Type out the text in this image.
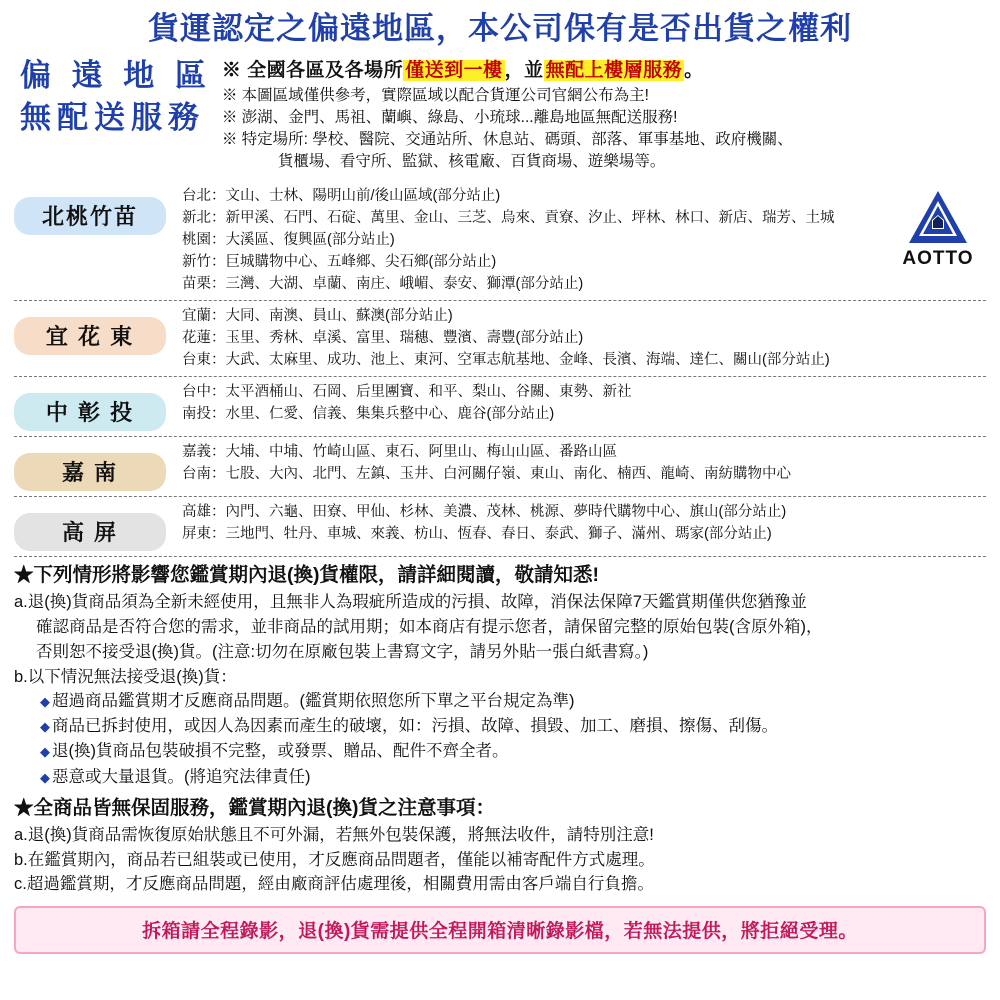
貨運認定之偏遠地區，本公司保有是否出貨之權利
偏 遠 地 區
無配送服務
※ 全國各區及各場所 僅送到一樓 ，並 無配上樓層服務 。
※ 本圖區域僅供參考，實際區域以配合貨運公司官網公布為主!
※ 澎湖、金門、馬祖、蘭嶼、綠島、小琉球...離島地區無配送服務!
※ 特定場所: 學校、醫院、交通站所、休息站、碼頭、部落、軍事基地、政府機關、
貨櫃場、看守所、監獄、核電廠、百貨商場、遊樂場等。
北桃竹苗
台北：文山、士林、陽明山前/後山區域(部分站止)
新北：新甲溪、石門、石碇、萬里、金山、三芝、烏來、貢寮、汐止、坪林、林口、新店、瑞芳、土城
桃園：大溪區、復興區(部分站止)
新竹：巨城購物中心、五峰鄉、尖石鄉(部分站止)
苗栗：三灣、大湖、卓蘭、南庄、峨嵋、泰安、獅潭(部分站止)
AOTTO
宜 花 東
宜蘭：大同、南澳、員山、蘇澳(部分站止)
花蓮：玉里、秀林、卓溪、富里、瑞穗、豐濱、壽豐(部分站止)
台東：大武、太麻里、成功、池上、東河、空軍志航基地、金峰、長濱、海端、達仁、關山(部分站止)
中 彰 投
台中：太平酒桶山、石岡、后里團寶、和平、梨山、谷關、東勢、新社
南投：水里、仁愛、信義、集集兵整中心、鹿谷(部分站止)
嘉 南
嘉義：大埔、中埔、竹崎山區、東石、阿里山、梅山山區、番路山區
台南：七股、大內、北門、左鎮、玉井、白河關仔嶺、東山、南化、楠西、龍崎、南紡購物中心
高 屏
高雄：內門、六龜、田寮、甲仙、杉林、美濃、茂林、桃源、夢時代購物中心、旗山(部分站止)
屏東：三地門、牡丹、車城、來義、枋山、恆春、春日、泰武、獅子、滿州、瑪家(部分站止)
★下列情形將影響您鑑賞期內退(換)貨權限，請詳細閱讀，敬請知悉!
a.退(換)貨商品須為全新未經使用，且無非人為瑕疵所造成的污損、故障，消保法保障7天鑑賞期僅供您猶豫並
確認商品是否符合您的需求，並非商品的試用期；如本商店有提示您者，請保留完整的原始包裝(含原外箱)，
否則恕不接受退(換)貨。(注意:切勿在原廠包裝上書寫文字，請另外貼一張白紙書寫。)
b.以下情況無法接受退(換)貨：
◆ 超過商品鑑賞期才反應商品問題。(鑑賞期依照您所下單之平台規定為準)
◆ 商品已拆封使用，或因人為因素而產生的破壞，如：污損、故障、損毀、加工、磨損、擦傷、刮傷。
◆ 退(換)貨商品包裝破損不完整，或發票、贈品、配件不齊全者。
◆ 惡意或大量退貨。(將追究法律責任)
★全商品皆無保固服務，鑑賞期內退(換)貨之注意事項：
a.退(換)貨商品需恢復原始狀態且不可外漏，若無外包裝保護，將無法收件，請特別注意!
b.在鑑賞期內，商品若已組裝或已使用，才反應商品問題者，僅能以補寄配件方式處理。
c.超過鑑賞期，才反應商品問題，經由廠商評估處理後，相關費用需由客戶端自行負擔。
拆箱請全程錄影，退(換)貨需提供全程開箱清晰錄影檔，若無法提供，將拒絕受理。
